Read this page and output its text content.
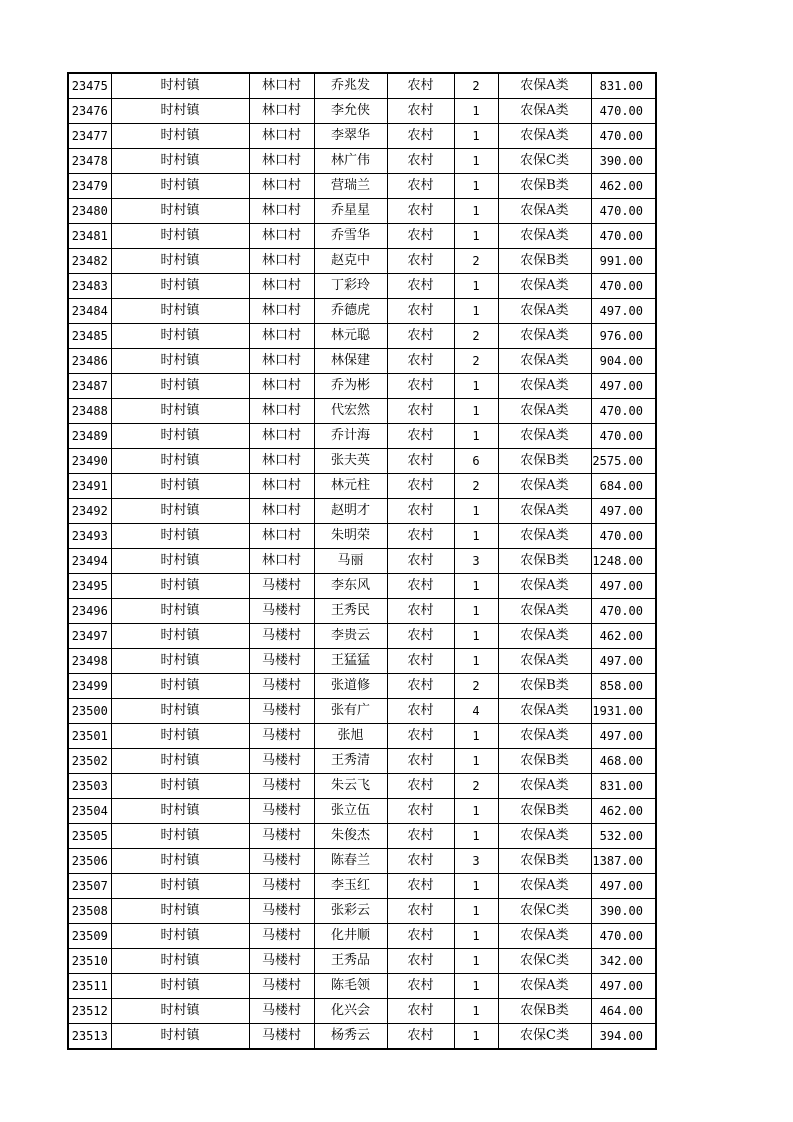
23475	时村镇	林口村	乔兆发	农村	2	农保A类	831.00
23476	时村镇	林口村	李允侠	农村	1	农保A类	470.00
23477	时村镇	林口村	李翠华	农村	1	农保A类	470.00
23478	时村镇	林口村	林广伟	农村	1	农保C类	390.00
23479	时村镇	林口村	营瑞兰	农村	1	农保B类	462.00
23480	时村镇	林口村	乔星星	农村	1	农保A类	470.00
23481	时村镇	林口村	乔雪华	农村	1	农保A类	470.00
23482	时村镇	林口村	赵克中	农村	2	农保B类	991.00
23483	时村镇	林口村	丁彩玲	农村	1	农保A类	470.00
23484	时村镇	林口村	乔德虎	农村	1	农保A类	497.00
23485	时村镇	林口村	林元聪	农村	2	农保A类	976.00
23486	时村镇	林口村	林保建	农村	2	农保A类	904.00
23487	时村镇	林口村	乔为彬	农村	1	农保A类	497.00
23488	时村镇	林口村	代宏然	农村	1	农保A类	470.00
23489	时村镇	林口村	乔计海	农村	1	农保A类	470.00
23490	时村镇	林口村	张夫英	农村	6	农保B类	2575.00
23491	时村镇	林口村	林元柱	农村	2	农保A类	684.00
23492	时村镇	林口村	赵明才	农村	1	农保A类	497.00
23493	时村镇	林口村	朱明荣	农村	1	农保A类	470.00
23494	时村镇	林口村	马丽	农村	3	农保B类	1248.00
23495	时村镇	马楼村	李东风	农村	1	农保A类	497.00
23496	时村镇	马楼村	王秀民	农村	1	农保A类	470.00
23497	时村镇	马楼村	李贵云	农村	1	农保A类	462.00
23498	时村镇	马楼村	王猛猛	农村	1	农保A类	497.00
23499	时村镇	马楼村	张道修	农村	2	农保B类	858.00
23500	时村镇	马楼村	张有广	农村	4	农保A类	1931.00
23501	时村镇	马楼村	张旭	农村	1	农保A类	497.00
23502	时村镇	马楼村	王秀清	农村	1	农保B类	468.00
23503	时村镇	马楼村	朱云飞	农村	2	农保A类	831.00
23504	时村镇	马楼村	张立伍	农村	1	农保B类	462.00
23505	时村镇	马楼村	朱俊杰	农村	1	农保A类	532.00
23506	时村镇	马楼村	陈春兰	农村	3	农保B类	1387.00
23507	时村镇	马楼村	李玉红	农村	1	农保A类	497.00
23508	时村镇	马楼村	张彩云	农村	1	农保C类	390.00
23509	时村镇	马楼村	化井顺	农村	1	农保A类	470.00
23510	时村镇	马楼村	王秀品	农村	1	农保C类	342.00
23511	时村镇	马楼村	陈毛领	农村	1	农保A类	497.00
23512	时村镇	马楼村	化兴会	农村	1	农保B类	464.00
23513	时村镇	马楼村	杨秀云	农村	1	农保C类	394.00
